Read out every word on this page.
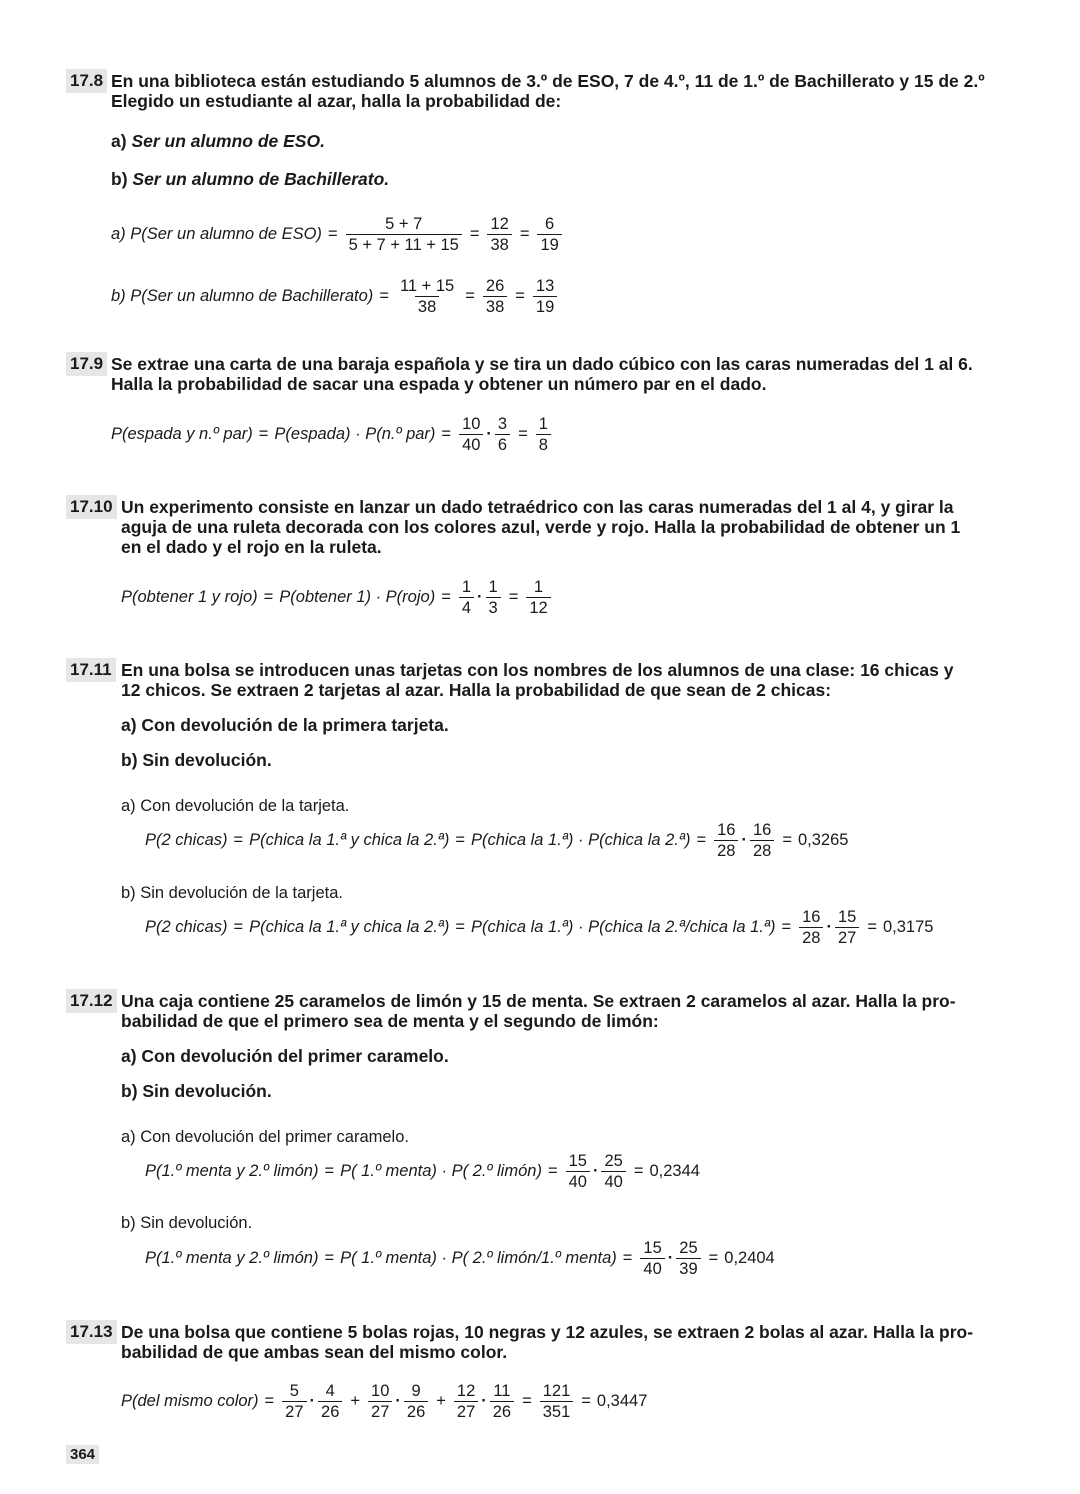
17.8 En una biblioteca están estudiando 5 alumnos de 3.º de ESO, 7 de 4.º, 11 de 1.º de Bachillerato y 15 de 2.º
Elegido un estudiante al azar, halla la probabilidad de:
a) Ser un alumno de ESO.
b) Ser un alumno de Bachillerato.
a) P(Ser un alumno de $ESO) = \frac{5 + 7}{5 + 7 + 11 + 15} = \frac{12}{38} = \frac{6}{19}$
b) P(Ser un alumno de Bachillerato) = $\frac{11 + 15}{38} = \frac{26}{38} = \frac{13}{19}$
17.9 Se extrae una carta de una baraja española y se tira un dado cúbico con las caras numeradas del 1 al 6.
Halla la probabilidad de sacar una espada y obtener un número par en el dado.
P(espada y n.º par) = P(espada) · P(n.º $par) = \frac{10}{40} \cdot \frac{3}{6} = \frac{1}{8}$
17.10 Un experimento consiste en lanzar un dado tetraédrico con las caras numeradas del 1 al 4, y girar la
aguja de una ruleta decorada con los colores azul, verde y rojo. Halla la probabilidad de obtener un 1
en el dado y el rojo en la ruleta.
P(obtener 1 y rojo) = P(obtener 1) · P(rojo) = $\frac{1}{4} \cdot \frac{1}{3} = \frac{1}{12}$
17.11 En una bolsa se introducen unas tarjetas con los nombres de los alumnos de una clase: 16 chicas y
12 chicos. Se extraen 2 tarjetas al azar. Halla la probabilidad de que sean de 2 chicas:
a) Con devolución de la primera tarjeta.
b) Sin devolución.
a) Con devolución de la tarjeta.
P(2 chicas) = P(chica la 1.ª y chica la 2.ª) = P(chica la 1.ª) · P(chica la 2.ª) = $\frac{16}{28} \cdot \frac{16}{28} = 0,3265$
b) Sin devolución de la tarjeta.
P(2 chicas) = P(chica la 1.ª y chica la 2.ª) = P(chica la 1.ª) · P(chica la 2.ª/chica la 1.ª) = $\frac{16}{28} \cdot \frac{15}{27} = 0,3175$
17.12 Una caja contiene 25 caramelos de limón y 15 de menta. Se extraen 2 caramelos al azar. Halla la pro-
babilidad de que el primero sea de menta y el segundo de limón:
a) Con devolución del primer caramelo.
b) Sin devolución.
a) Con devolución del primer caramelo.
P(1.º menta y 2.º limón) = P( 1.º menta) · P( 2.º limón) = $\frac{15}{40} \cdot \frac{25}{40} = 0,2344$
b) Sin devolución.
P(1.º menta y 2.º limón) = P( 1.º menta) · P( 2.º limón/1.º menta) = $\frac{15}{40} \cdot \frac{25}{39} = 0,2404$
17.13 De una bolsa que contiene 5 bolas rojas, 10 negras y 12 azules, se extraen 2 bolas al azar. Halla la pro-
babilidad de que ambas sean del mismo color.
P(del mismo color) = $\frac{5}{27} \cdot \frac{4}{26} + \frac{10}{27} \cdot \frac{9}{26} + \frac{12}{27} \cdot \frac{11}{26} = \frac{121}{351} = 0,3447$
364
